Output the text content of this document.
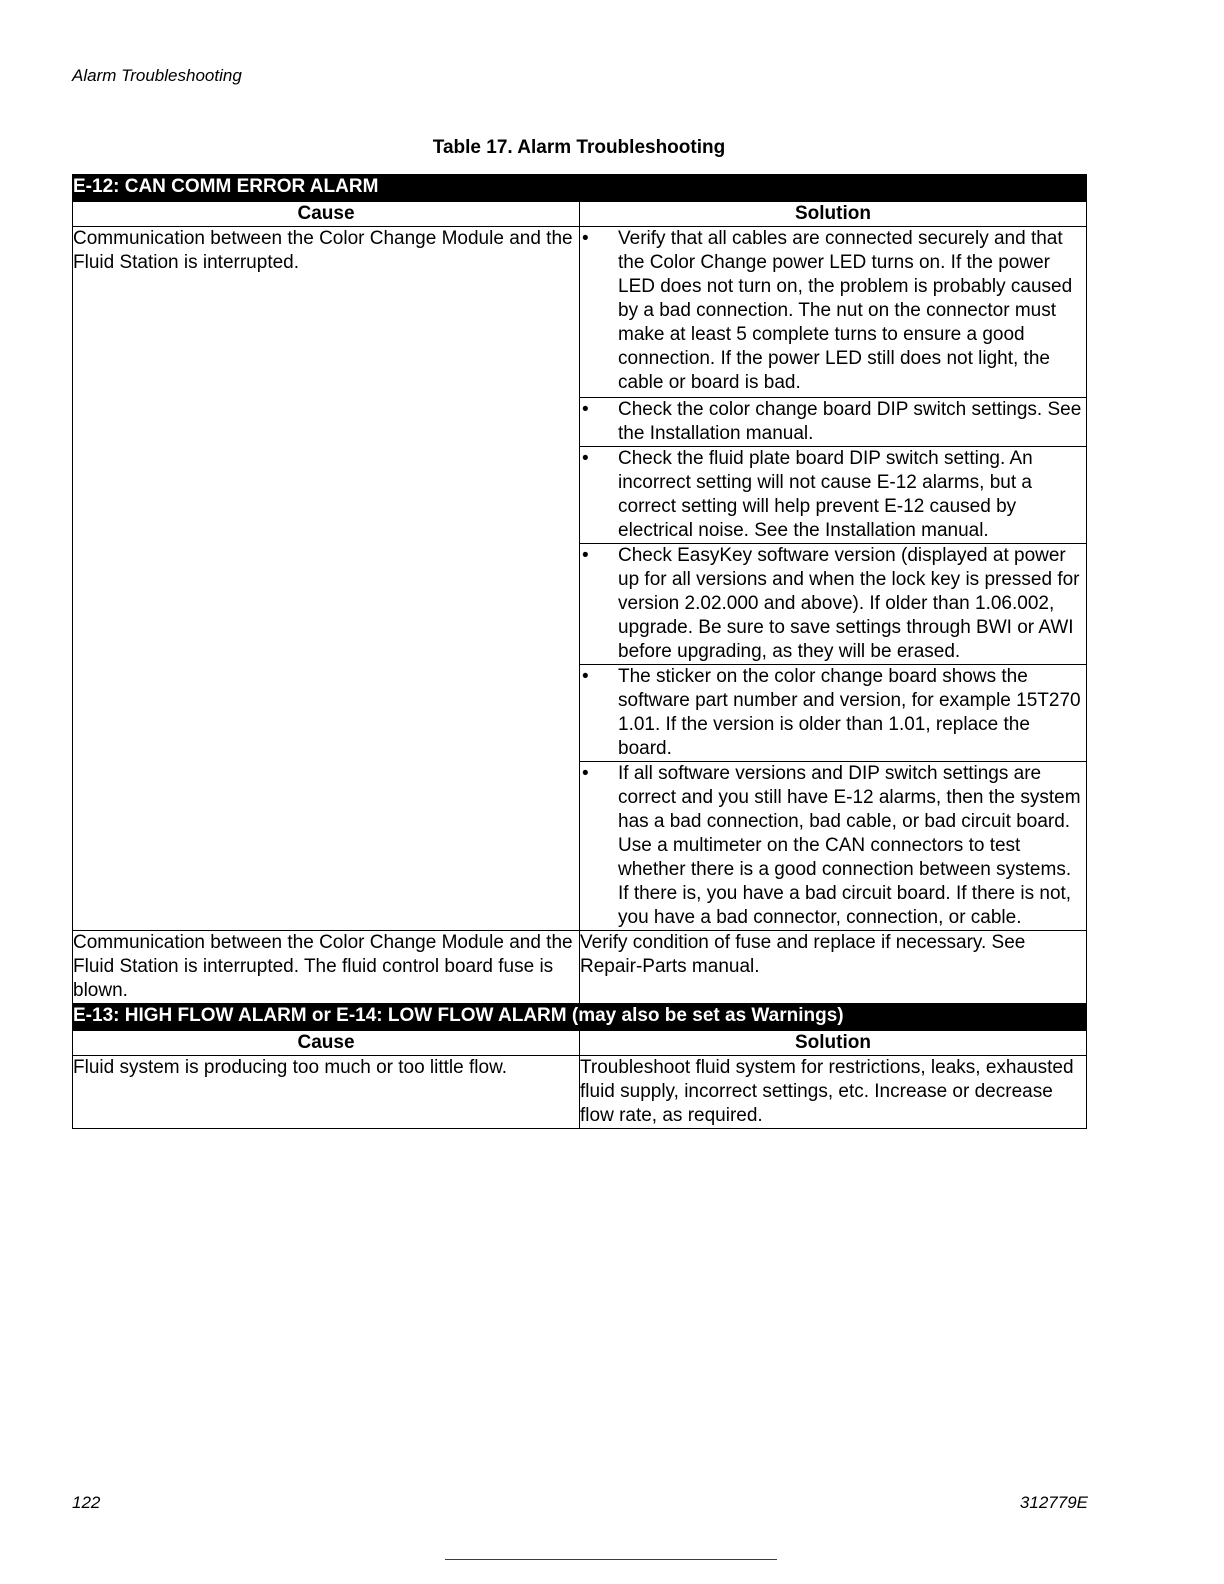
Alarm Troubleshooting
Table 17. Alarm Troubleshooting
E-12: CAN COMM ERROR ALARM	
Cause	Solution
Communication between the Color Change Module and the Fluid Station is interrupted.	• Verify that all cables are connected securely and that the Color Change power LED turns on. If the power LED does not turn on, the problem is probably caused by a bad connection. The nut on the connector must make at least 5 complete turns to ensure a good connection. If the power LED still does not light, the cable or board is bad.

	• Check the color change board DIP switch settings. See the Installation manual.

	• Check the fluid plate board DIP switch setting. An incorrect setting will not cause E-12 alarms, but a correct setting will help prevent E-12 caused by electrical noise. See the Installation manual.

	• Check EasyKey software version (displayed at power up for all versions and when the lock key is pressed for version 2.02.000 and above). If older than 1.06.002, upgrade. Be sure to save settings through BWI or AWI before upgrading, as they will be erased.

	• The sticker on the color change board shows the software part number and version, for example 15T270        1.01. If the version is older than 1.01, replace the board.

	• If all software versions and DIP switch settings are correct and you still have E-12 alarms, then the system has a bad connection, bad cable, or bad circuit board. Use a multimeter on the CAN connectors to test whether there is a good connection between systems. If there is, you have a bad circuit board. If there is not, you have a bad connector, connection, or cable.

Communication between the Color Change Module and the Fluid Station is interrupted. The fluid control board fuse is blown.	Verify condition of fuse and replace if necessary. See Repair-Parts manual.
E-13: HIGH FLOW ALARM or E-14: LOW FLOW ALARM (may also be set as Warnings)	
Cause	Solution
Fluid system is producing too much or too little flow.	Troubleshoot fluid system for restrictions, leaks, exhausted fluid supply, incorrect settings, etc. Increase or decrease flow rate, as required.
122	312779E
